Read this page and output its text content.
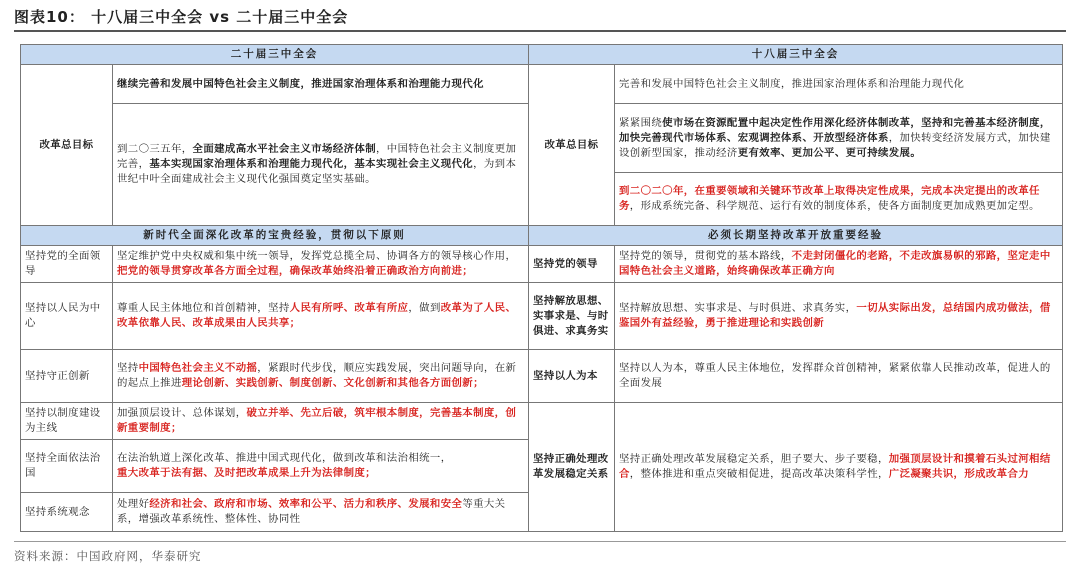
图表10： 十八届三中全会 vs 二十届三中全会
二十届三中全会		十八届三中全会	
改革总目标	继续完善和发展中国特色社会主义制度，推进国家治理体系和治理能力现代化	改革总目标	完善和发展中国特色社会主义制度，推进国家治理体系和治理能力现代化
	到二〇三五年，全面建成高水平社会主义市场经济体制，中国特色社会主义制度更加完善，基本实现国家治理体系和治理能力现代化，基本实现社会主义现代化，为到本世纪中叶全面建成社会主义现代化强国奠定坚实基础。		紧紧围绕使市场在资源配置中起决定性作用深化经济体制改革，坚持和完善基本经济制度，加快完善现代市场体系、宏观调控体系、开放型经济体系，加快转变经济发展方式，加快建设创新型国家，推动经济更有效率、更加公平、更可持续发展。
			到二〇二〇年，在重要领域和关键环节改革上取得决定性成果，完成本决定提出的改革任务，形成系统完备、科学规范、运行有效的制度体系，使各方面制度更加成熟更加定型。
新时代全面深化改革的宝贵经验，贯彻以下原则		必须长期坚持改革开放重要经验	
坚持党的全面领导	坚定维护党中央权威和集中统一领导，发挥党总揽全局、协调各方的领导核心作用，把党的领导贯穿改革各方面全过程，确保改革始终沿着正确政治方向前进；	坚持党的领导	坚持党的领导，贯彻党的基本路线，不走封闭僵化的老路，不走改旗易帜的邪路，坚定走中国特色社会主义道路，始终确保改革正确方向
坚持以人民为中心	尊重人民主体地位和首创精神，坚持人民有所呼、改革有所应，做到改革为了人民、改革依靠人民、改革成果由人民共享；	坚持解放思想、实事求是、与时俱进、求真务实	坚持解放思想、实事求是、与时俱进、求真务实，一切从实际出发，总结国内成功做法，借鉴国外有益经验，勇于推进理论和实践创新
坚持守正创新	坚持中国特色社会主义不动摇，紧跟时代步伐，顺应实践发展，突出问题导向，在新的起点上推进理论创新、实践创新、制度创新、文化创新和其他各方面创新；	坚持以人为本	坚持以人为本，尊重人民主体地位，发挥群众首创精神，紧紧依靠人民推动改革，促进人的全面发展
坚持以制度建设为主线	加强顶层设计、总体谋划，破立并举、先立后破，筑牢根本制度，完善基本制度，创新重要制度；	坚持正确处理改革发展稳定关系	坚持正确处理改革发展稳定关系，胆子要大、步子要稳，加强顶层设计和摸着石头过河相结合，整体推进和重点突破相促进，提高改革决策科学性，广泛凝聚共识，形成改革合力
坚持全面依法治国	在法治轨道上深化改革、推进中国式现代化，做到改革和法治相统一，
重大改革于法有据、及时把改革成果上升为法律制度；		
坚持系统观念	处理好经济和社会、政府和市场、效率和公平、活力和秩序、发展和安全等重大关系，增强改革系统性、整体性、协同性		
资料来源：中国政府网，华泰研究
